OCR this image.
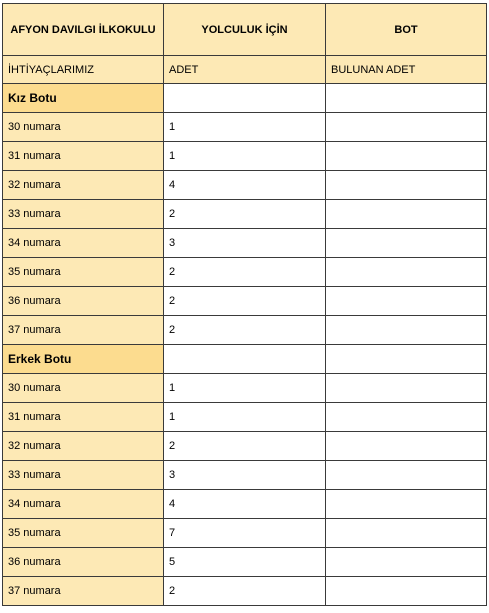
AFYON DAVILGI İLKOKULU	YOLCULUK İÇİN	BOT
İHTİYAÇLARIMIZ	ADET	BULUNAN ADET
Kız Botu		
30 numara	1	
31 numara	1	
32 numara	4	
33 numara	2	
34 numara	3	
35 numara	2	
36 numara	2	
37 numara	2	
Erkek Botu		
30 numara	1	
31 numara	1	
32 numara	2	
33 numara	3	
34 numara	4	
35 numara	7	
36 numara	5	
37 numara	2	
